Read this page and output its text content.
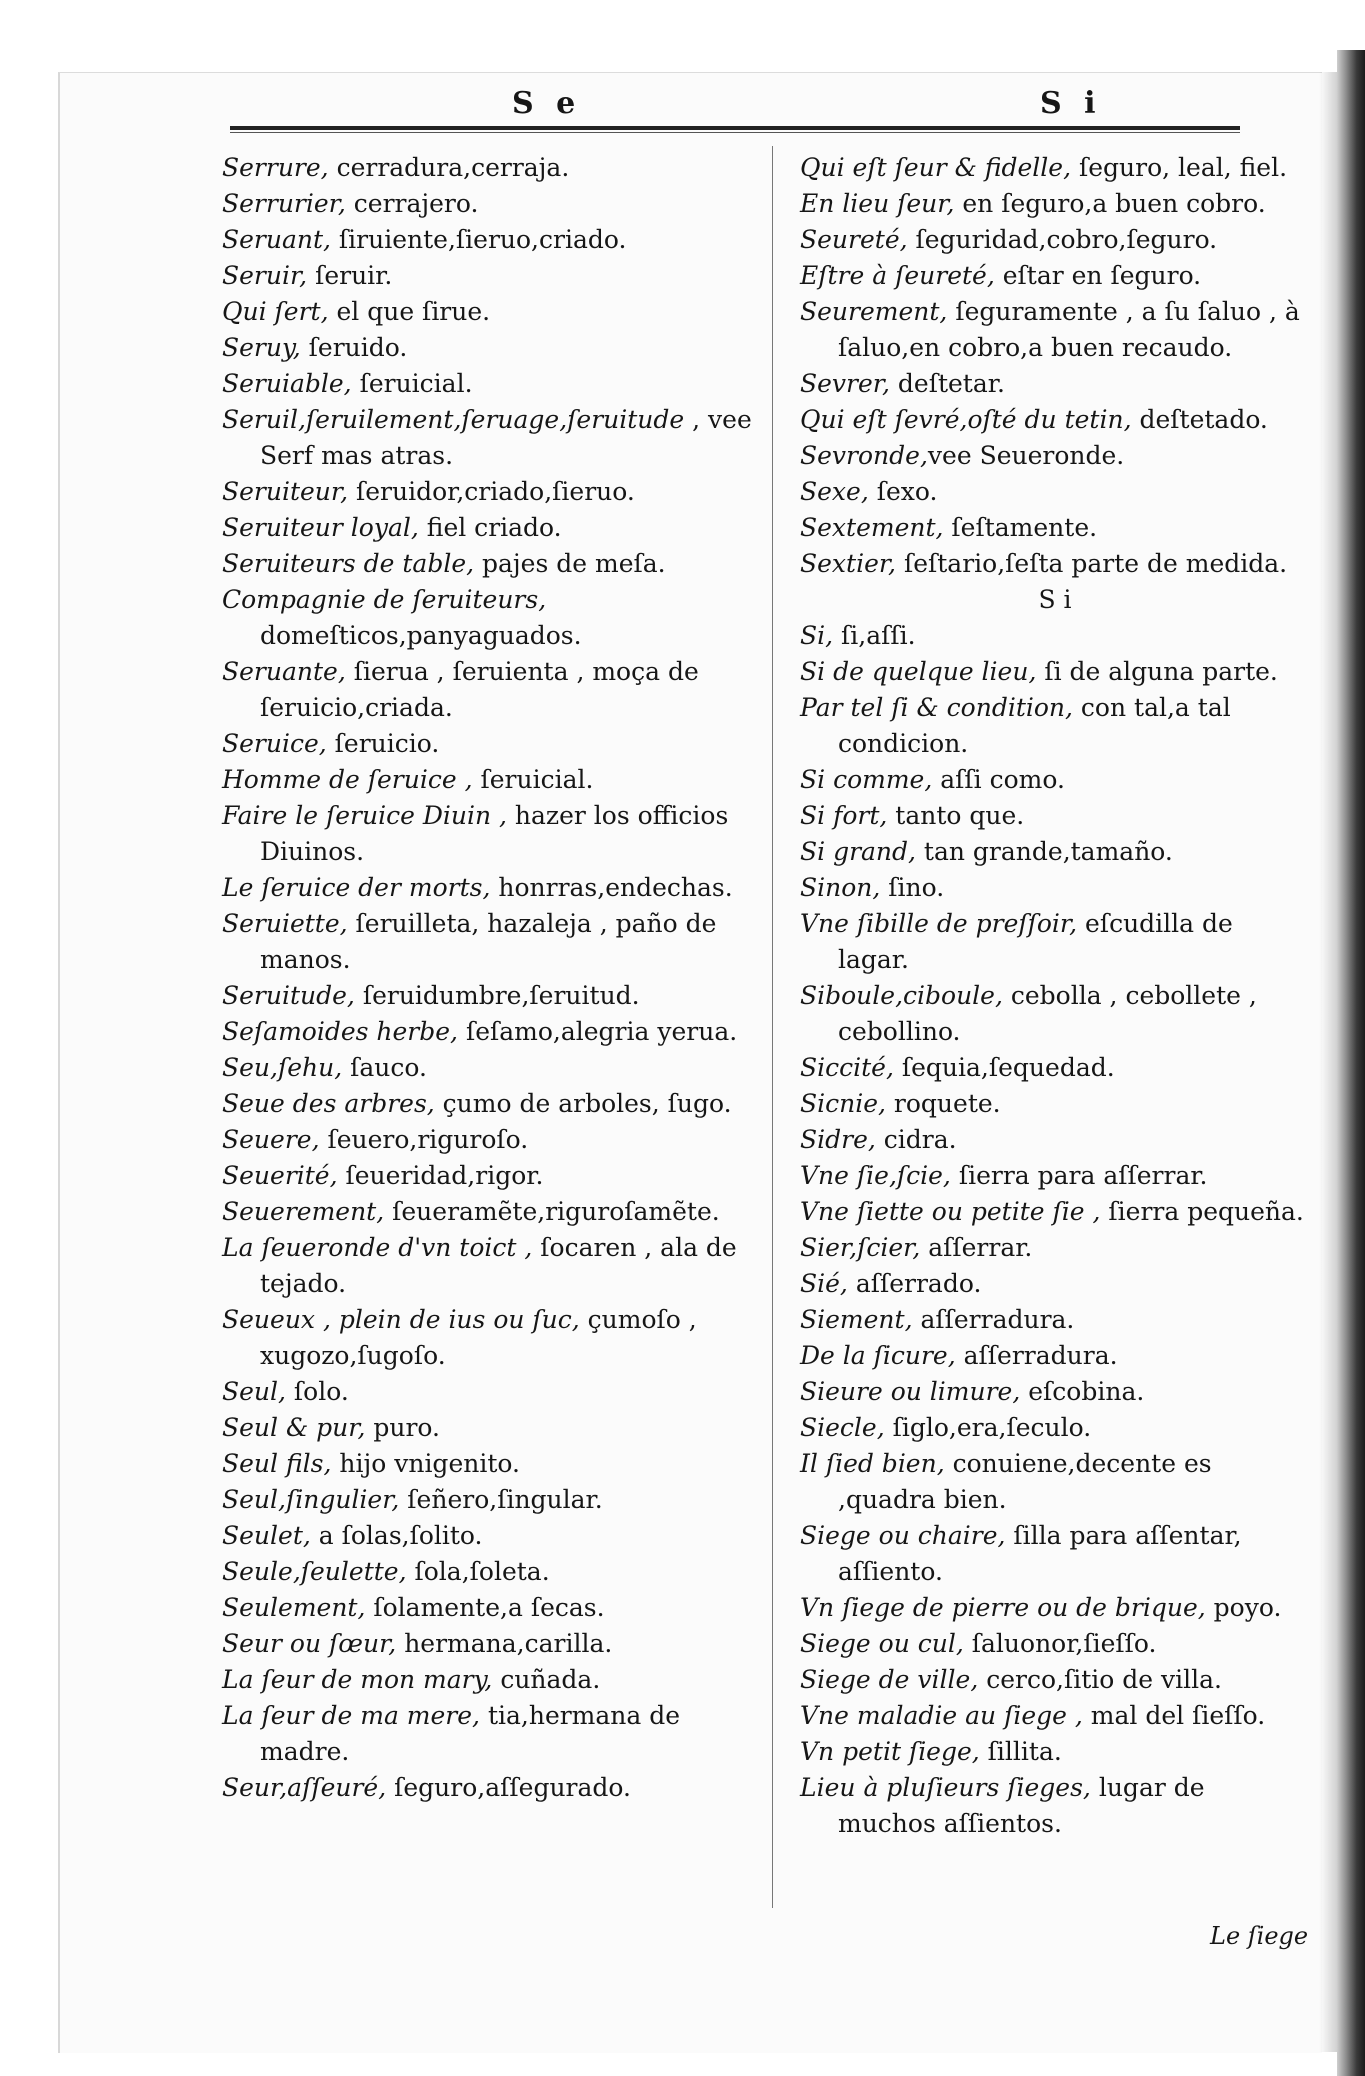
S e	S i
Serrure, cerradura,cerraja.
Serrurier, cerrajero.
Seruant, ſiruiente,ſieruo,criado.
Seruir, ſeruir.
Qui ſert, el que ſirue.
Seruy, ſeruido.
Seruiable, ſeruicial.
Seruil,ſeruilement,ſeruage,ſeruitude , vee Serf mas atras.
Seruiteur, ſeruidor,criado,ſieruo.
Seruiteur loyal, fiel criado.
Seruiteurs de table, pajes de meſa.
Compagnie de ſeruiteurs, domeſticos,panyaguados.
Seruante, ſierua , ſeruienta , moça de ſeruicio,criada.
Seruice, ſeruicio.
Homme de ſeruice , ſeruicial.
Faire le ſeruice Diuin , hazer los officios Diuinos.
Le ſeruice der morts, honrras,endechas.
Seruiette, ſeruilleta, hazaleja , paño de manos.
Seruitude, ſeruidumbre,ſeruitud.
Seſamoides herbe, ſeſamo,alegria yerua.
Seu,ſehu, ſauco.
Seue des arbres, çumo de arboles, ſugo.
Seuere, ſeuero,riguroſo.
Seuerité, ſeueridad,rigor.
Seuerement, ſeueramẽte,riguroſamẽte.
La ſeueronde d'vn toict , ſocaren , ala de tejado.
Seueux , plein de ius ou ſuc, çumoſo , xugozo,ſugoſo.
Seul, ſolo.
Seul & pur, puro.
Seul fils, hijo vnigenito.
Seul,ſingulier, ſeñero,ſingular.
Seulet, a ſolas,ſolito.
Seule,ſeulette, ſola,ſoleta.
Seulement, ſolamente,a ſecas.
Seur ou ſœur, hermana,carilla.
La ſeur de mon mary, cuñada.
La ſeur de ma mere, tia,hermana de madre.
Seur,aſſeuré, ſeguro,aſſegurado.
Qui eſt ſeur & fidelle, ſeguro, leal, fiel.
En lieu ſeur, en ſeguro,a buen cobro.
Seureté, ſeguridad,cobro,ſeguro.
Eſtre à ſeureté, eſtar en ſeguro.
Seurement, ſeguramente , a ſu ſaluo , à ſaluo,en cobro,a buen recaudo.
Sevrer, deſtetar.
Qui eſt ſevré,oſté du tetin, deſtetado.
Sevronde,vee Seueronde.
Sexe, ſexo.
Sextement, ſeſtamente.
Sextier, ſeſtario,ſeſta parte de medida.
S i
Si, ſi,aſſi.
Si de quelque lieu, ſi de alguna parte.
Par tel ſi & condition, con tal,a tal condicion.
Si comme, aſſi como.
Si fort, tanto que.
Si grand, tan grande,tamaño.
Sinon, ſino.
Vne ſibille de preſſoir, eſcudilla de lagar.
Siboule,ciboule, cebolla , cebollete , cebollino.
Siccité, ſequia,ſequedad.
Sicnie, roquete.
Sidre, cidra.
Vne ſie,ſcie, ſierra para aſſerrar.
Vne ſiette ou petite ſie , ſierra pequeña.
Sier,ſcier, aſſerrar.
Sié, aſſerrado.
Siement, aſſerradura.
De la ſicure, aſſerradura.
Sieure ou limure, eſcobina.
Siecle, ſiglo,era,ſeculo.
Il ſied bien, conuiene,decente es ,quadra bien.
Siege ou chaire, ſilla para aſſentar, aſſiento.
Vn ſiege de pierre ou de brique, poyo.
Siege ou cul, ſaluonor,ſieſſo.
Siege de ville, cerco,ſitio de villa.
Vne maladie au ſiege , mal del ſieſſo.
Vn petit ſiege, ſillita.
Lieu à pluſieurs ſieges, lugar de muchos aſſientos.
Le ſiege
